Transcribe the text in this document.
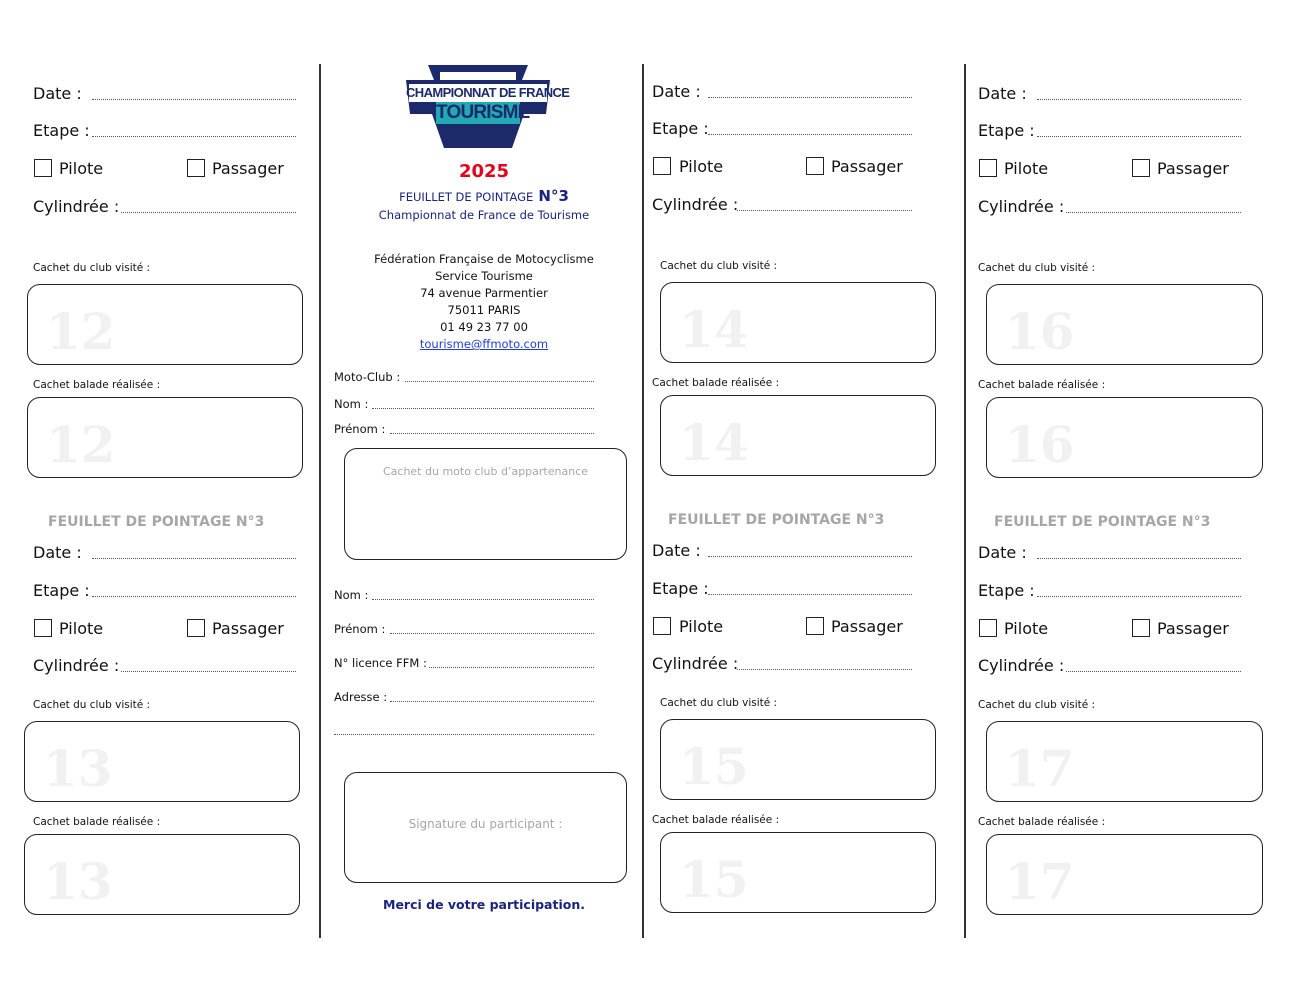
Date :
Etape :
Pilote	Passager
Cylindrée :
Cachet du club visité :
12
Cachet balade réalisée :
12
FEUILLET DE POINTAGE N°3
Date :
Etape :
Pilote	Passager
Cylindrée :
Cachet du club visité :
13
Cachet balade réalisée :
13
CHAMPIONNAT DE FRANCE
TOURISME
2025
FEUILLET DE POINTAGE N°3
Championnat de France de Tourisme
Fédération Française de Motocyclisme
Service Tourisme
74 avenue Parmentier
75011 PARIS
01 49 23 77 00
tourisme@ffmoto.com
Moto-Club :
Nom :
Prénom :
Cachet du moto club d’appartenance
Nom :
Prénom :
N° licence FFM :
Adresse :
Signature du participant :
Merci de votre participation.
Date :
Etape :
Pilote	Passager
Cylindrée :
Cachet du club visité :
14
Cachet balade réalisée :
14
FEUILLET DE POINTAGE N°3
Date :
Etape :
Pilote	Passager
Cylindrée :
Cachet du club visité :
15
Cachet balade réalisée :
15
Date :
Etape :
Pilote	Passager
Cylindrée :
Cachet du club visité :
16
Cachet balade réalisée :
16
FEUILLET DE POINTAGE N°3
Date :
Etape :
Pilote	Passager
Cylindrée :
Cachet du club visité :
17
Cachet balade réalisée :
17
